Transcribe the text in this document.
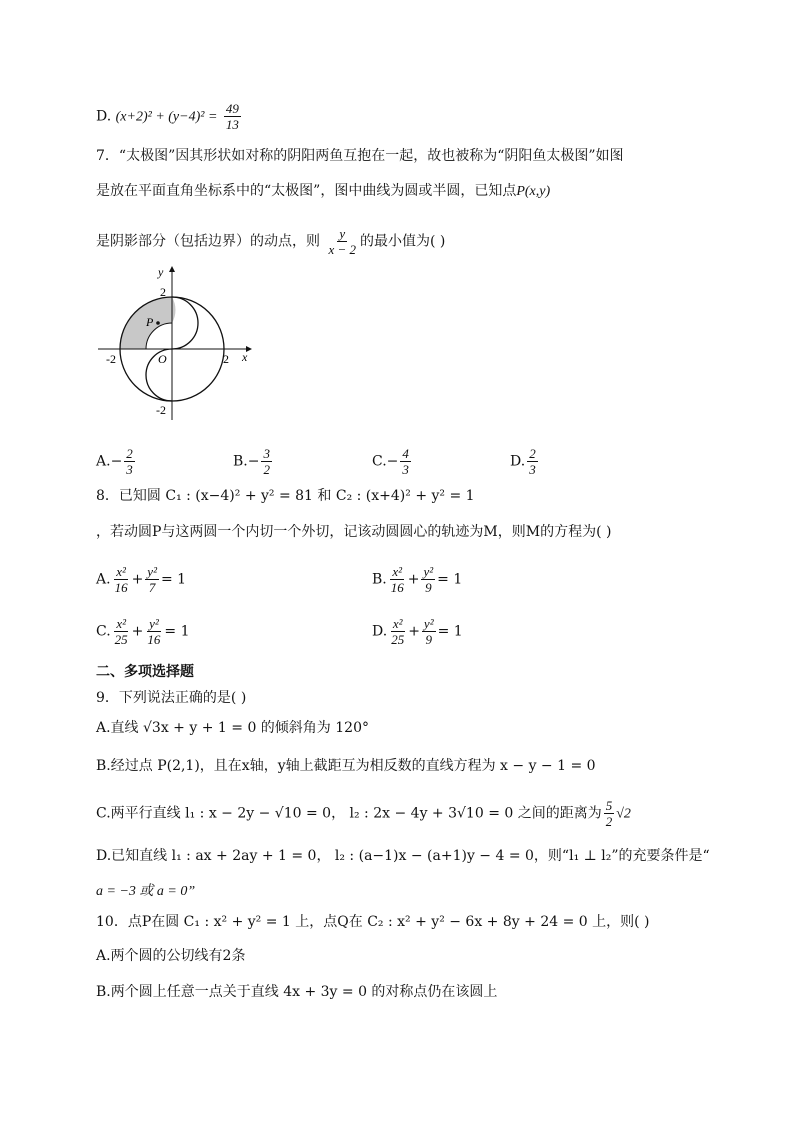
D. $(x+2)^2 + (y-4)^2 = \frac{49}{13}$
7．“太极图”因其形状如对称的阴阳两鱼互抱在一起，故也被称为“阴阳鱼太极图”如图
是放在平面直角坐标系中的“太极图”，图中曲线为圆或半圆，已知点P(x,y)
是阴影部分（包括边界）的动点，则 $\frac{y}{x - 2}$ 的最小值为( )
y
x
O
P
2
-2
-2	2
$A.- \frac{2}{3}$	$B.- \frac{3}{2}$	$C.- \frac{4}{3}$	D. $\frac{2}{3}$
8．已知圆 C₁ : (x−4)² + y² = 81 和 C₂ : (x+4)² + y² = 1
，若动圆P与这两圆一个内切一个外切，记该动圆圆心的轨迹为M，则M的方程为( )
A. $\frac{\text{x²}}{16} + \frac{\text{y²}}{7} = 1$	B. $\frac{\text{x²}}{16} + \frac{\text{y²}}{9} = 1$
C. $\frac{\text{x²}}{25} + \frac{\text{y²}}{16} = 1$	D. $\frac{\text{x²}}{25} + \frac{\text{y²}}{9} = 1$
二、多项选择题
9．下列说法正确的是( )
A.直线 √3x + y + 1 = 0 的倾斜角为 120°
B.经过点 P(2,1)，且在x轴，y轴上截距互为相反数的直线方程为 x − y − 1 = 0
C.两平行直线 l₁ : x − 2y − √10 = 0， l₂ : 2x − 4y + 3√10 = 0 之间的距离为 $\frac{5}{2} √2$
D.已知直线 l₁ : ax + 2ay + 1 = 0， l₂ : (a−1)x − (a+1)y − 4 = 0，则“l₁ ⊥ l₂”的充要条件是“
a = −3 或 a = 0”
10．点P在圆 C₁ : x² + y² = 1 上，点Q在 C₂ : x² + y² − 6x + 8y + 24 = 0 上，则( )
A.两个圆的公切线有2条
B.两个圆上任意一点关于直线 4x + 3y = 0 的对称点仍在该圆上
